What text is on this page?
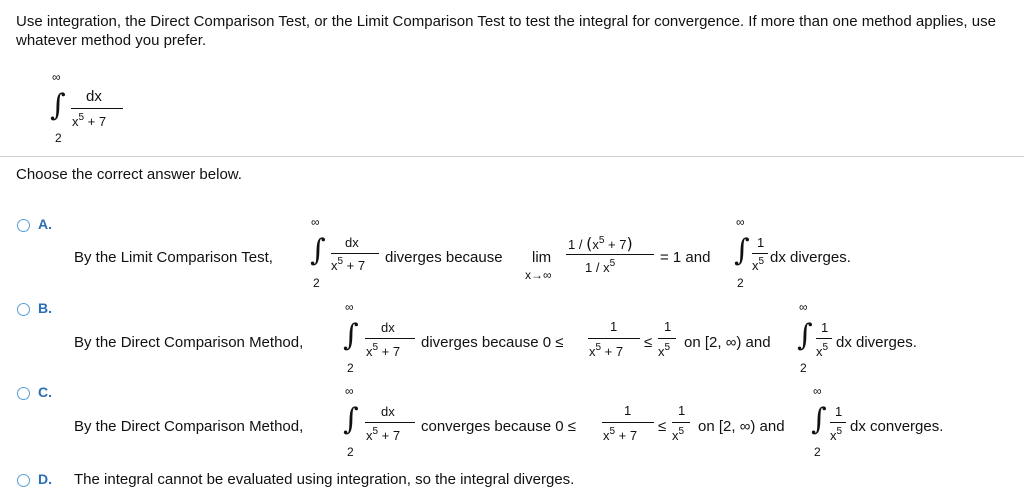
Use integration, the Direct Comparison Test, or the Limit Comparison Test to test the integral for convergence. If more than one method applies, use whatever method you prefer.
∞
∫
2
dx
$x^5 + 7$
Choose the correct answer below.
A.
By the Limit Comparison Test,
∞
∫
2
dx
$x^5 + 7$ diverges because lim
x→∞
$1 / (x^5 + 7)$
$1 / x^5$	= 1 and
∞
∫
2
1
$x^5$ dx diverges.
B.
By the Direct Comparison Method,
∞
∫
2
dx
$x^5 + 7$
diverges because 0 ≤
1
$x^5 + 7$
≤
1
$x^5$ on [2, ∞) and
∞
∫
2
1
$x^5$ dx diverges.
C.
By the Direct Comparison Method,
∞
∫
2
dx
$x^5 + 7$
converges because 0 ≤
1
$x^5 + 7$
≤
1
$x^5$ on [2, ∞) and
∞
∫
2
1
$x^5$ dx converges.
D. The integral cannot be evaluated using integration, so the integral diverges.
